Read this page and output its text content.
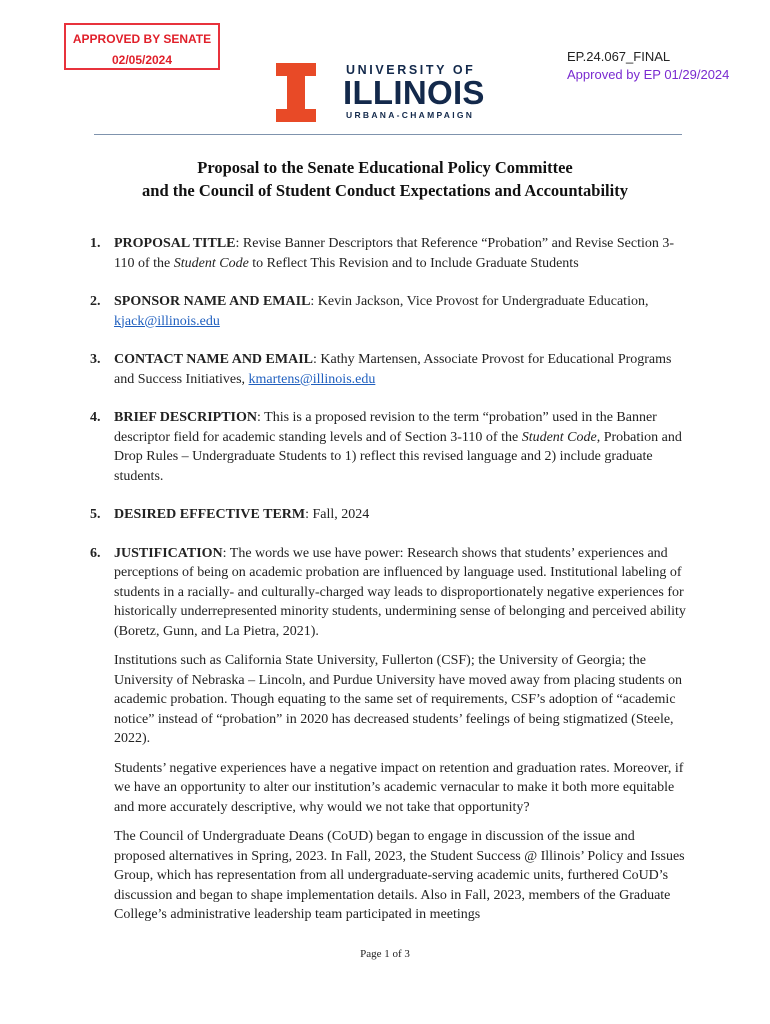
APPROVED BY SENATE
02/05/2024	EP.24.067_FINAL
Approved by EP 01/29/2024
UNIVERSITY OF
ILLINOIS
URBANA-CHAMPAIGN
Proposal to the Senate Educational Policy Committee
and the Council of Student Conduct Expectations and Accountability
1. PROPOSAL TITLE: Revise Banner Descriptors that Reference “Probation” and Revise Section 3-110 of the Student Code to Reflect This Revision and to Include Graduate Students
2. SPONSOR NAME AND EMAIL: Kevin Jackson, Vice Provost for Undergraduate Education, kjack@illinois.edu
3. CONTACT NAME AND EMAIL: Kathy Martensen, Associate Provost for Educational Programs and Success Initiatives, kmartens@illinois.edu
4. BRIEF DESCRIPTION: This is a proposed revision to the term “probation” used in the Banner descriptor field for academic standing levels and of Section 3-110 of the Student Code, Probation and Drop Rules – Undergraduate Students to 1) reflect this revised language and 2) include graduate students.
5. DESIRED EFFECTIVE TERM: Fall, 2024
6. JUSTIFICATION: The words we use have power: Research shows that students’ experiences and perceptions of being on academic probation are influenced by language used. Institutional labeling of students in a racially- and culturally-charged way leads to disproportionately negative experiences for historically underrepresented minority students, undermining sense of belonging and perceived ability (Boretz, Gunn, and La Pietra, 2021).

Institutions such as California State University, Fullerton (CSF); the University of Georgia; the University of Nebraska – Lincoln, and Purdue University have moved away from placing students on academic probation. Though equating to the same set of requirements, CSF’s adoption of “academic notice” instead of “probation” in 2020 has decreased students’ feelings of being stigmatized (Steele, 2022).

Students’ negative experiences have a negative impact on retention and graduation rates. Moreover, if we have an opportunity to alter our institution’s academic vernacular to make it both more equitable and more accurately descriptive, why would we not take that opportunity?

The Council of Undergraduate Deans (CoUD) began to engage in discussion of the issue and proposed alternatives in Spring, 2023. In Fall, 2023, the Student Success @ Illinois’ Policy and Issues Group, which has representation from all undergraduate-serving academic units, furthered CoUD’s discussion and began to shape implementation details. Also in Fall, 2023, members of the Graduate College’s administrative leadership team participated in meetings

Page 1 of 3
